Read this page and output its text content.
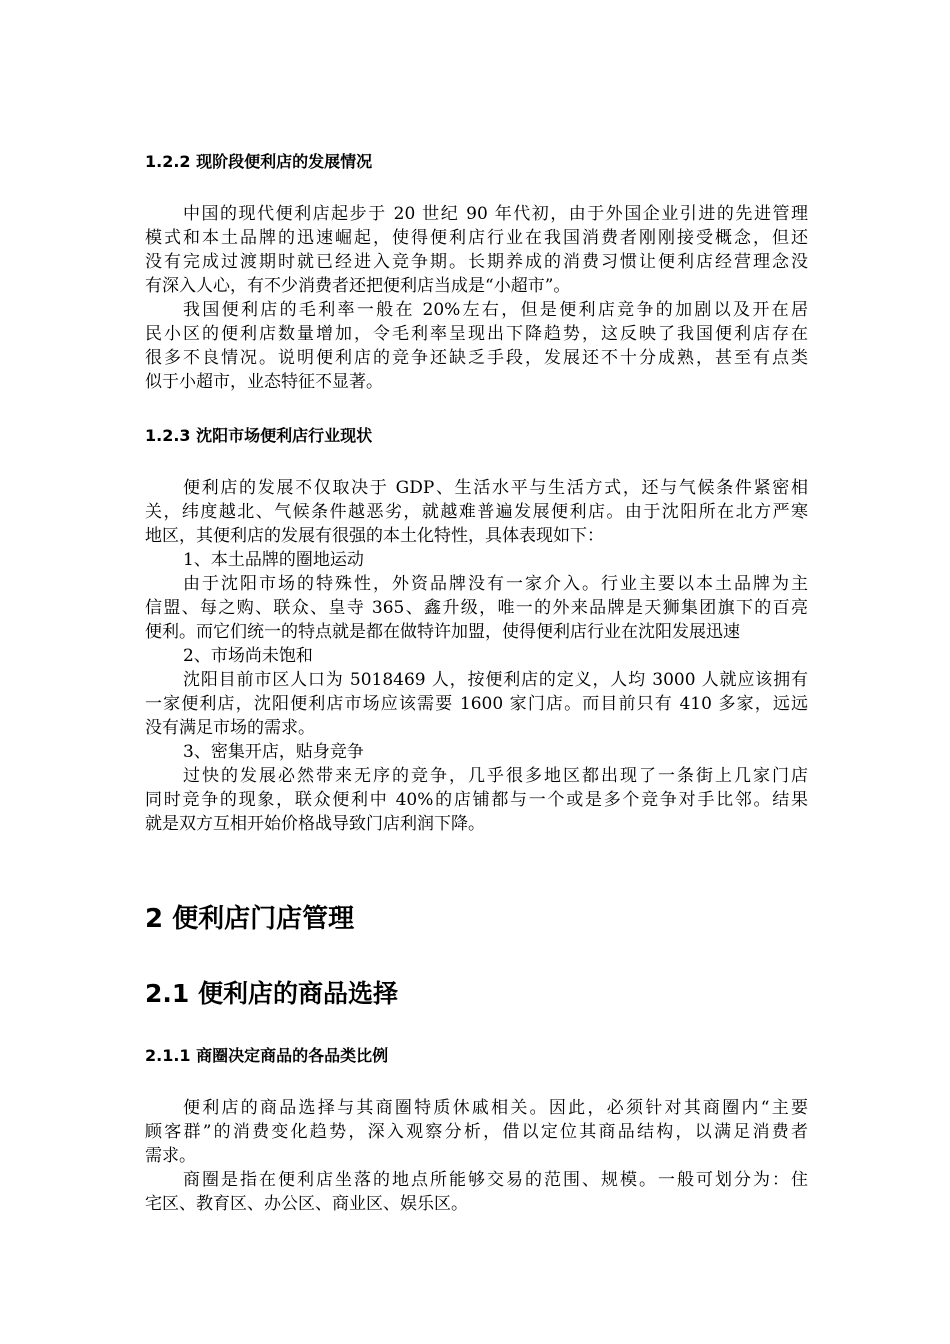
1.2.2 现阶段便利店的发展情况
中国的现代便利店起步于 20 世纪 90 年代初，由于外国企业引进的先进管理
模式和本土品牌的迅速崛起，使得便利店行业在我国消费者刚刚接受概念，但还
没有完成过渡期时就已经进入竞争期。长期养成的消费习惯让便利店经营理念没
有深入人心，有不少消费者还把便利店当成是“小超市”。
我国便利店的毛利率一般在 20%左右，但是便利店竞争的加剧以及开在居
民小区的便利店数量增加，令毛利率呈现出下降趋势，这反映了我国便利店存在
很多不良情况。说明便利店的竞争还缺乏手段，发展还不十分成熟，甚至有点类
似于小超市，业态特征不显著。
1.2.3 沈阳市场便利店行业现状
便利店的发展不仅取决于 GDP、生活水平与生活方式，还与气候条件紧密相
关，纬度越北、气候条件越恶劣，就越难普遍发展便利店。由于沈阳所在北方严寒
地区，其便利店的发展有很强的本土化特性，具体表现如下：
1、本土品牌的圈地运动
由于沈阳市场的特殊性，外资品牌没有一家介入。行业主要以本土品牌为主
信盟、每之购、联众、皇寺 365、鑫升级，唯一的外来品牌是天狮集团旗下的百亮
便利。而它们统一的特点就是都在做特许加盟，使得便利店行业在沈阳发展迅速
2、市场尚未饱和
沈阳目前市区人口为 5018469 人，按便利店的定义，人均 3000 人就应该拥有
一家便利店，沈阳便利店市场应该需要 1600 家门店。而目前只有 410 多家，远远
没有满足市场的需求。
3、密集开店，贴身竞争
过快的发展必然带来无序的竞争，几乎很多地区都出现了一条街上几家门店
同时竞争的现象，联众便利中 40%的店铺都与一个或是多个竞争对手比邻。结果
就是双方互相开始价格战导致门店利润下降。
2 便利店门店管理
2.1 便利店的商品选择
2.1.1 商圈决定商品的各品类比例
便利店的商品选择与其商圈特质休戚相关。因此，必须针对其商圈内“主要
顾客群”的消费变化趋势，深入观察分析，借以定位其商品结构，以满足消费者
需求。
商圈是指在便利店坐落的地点所能够交易的范围、规模。一般可划分为：住
宅区、教育区、办公区、商业区、娱乐区。
